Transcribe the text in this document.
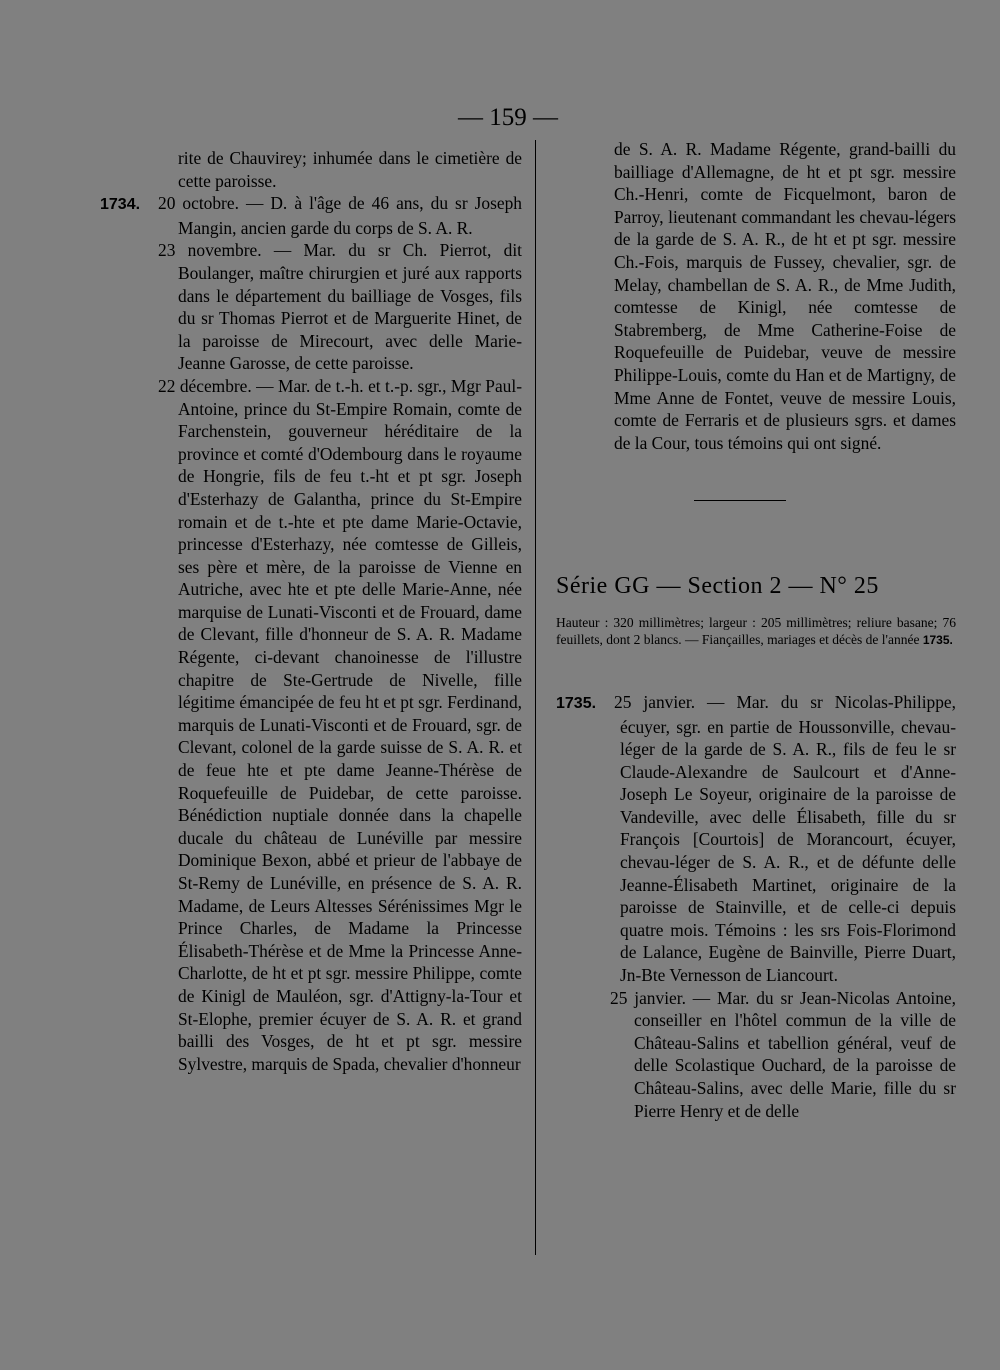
— 159 —

rite de Chauvirey; inhumée dans le cimetière de cette paroisse.

1734. 20 octobre. — D. à l'âge de 46 ans, du sr Joseph Mangin, ancien garde du corps de S. A. R.

23 novembre. — Mar. du sr Ch. Pierrot, dit Boulanger, maître chirurgien et juré aux rapports dans le département du bailliage de Vosges, fils du sr Thomas Pierrot et de Marguerite Hinet, de la paroisse de Mirecourt, avec delle Marie-Jeanne Garosse, de cette paroisse.

22 décembre. — Mar. de t.-h. et t.-p. sgr., Mgr Paul-Antoine, prince du St-Empire Romain, comte de Farchenstein, gouverneur héréditaire de la province et comté d'Odembourg dans le royaume de Hongrie, fils de feu t.-ht et pt sgr. Joseph d'Esterhazy de Galantha, prince du St-Empire romain et de t.-hte et pte dame Marie-Octavie, princesse d'Esterhazy, née comtesse de Gilleis, ses père et mère, de la paroisse de Vienne en Autriche, avec hte et pte delle Marie-Anne, née marquise de Lunati-Visconti et de Frouard, dame de Clevant, fille d'honneur de S. A. R. Madame Régente, ci-devant chanoinesse de l'illustre chapitre de Ste-Gertrude de Nivelle, fille légitime émancipée de feu ht et pt sgr. Ferdinand, marquis de Lunati-Visconti et de Frouard, sgr. de Clevant, colonel de la garde suisse de S. A. R. et de feue hte et pte dame Jeanne-Thérèse de Roquefeuille de Puidebar, de cette paroisse. Bénédiction nuptiale donnée dans la chapelle ducale du château de Lunéville par messire Dominique Bexon, abbé et prieur de l'abbaye de St-Remy de Lunéville, en présence de S. A. R. Madame, de Leurs Altesses Sérénissimes Mgr le Prince Charles, de Madame la Princesse Élisabeth-Thérèse et de Mme la Princesse Anne-Charlotte, de ht et pt sgr. messire Philippe, comte de Kinigl de Mauléon, sgr. d'Attigny-la-Tour et St-Elophe, premier écuyer de S. A. R. et grand bailli des Vosges, de ht et pt sgr. messire Sylvestre, marquis de Spada, chevalier d'honneur

de S. A. R. Madame Régente, grand-bailli du bailliage d'Allemagne, de ht et pt sgr. messire Ch.-Henri, comte de Ficquelmont, baron de Parroy, lieutenant commandant les chevau-légers de la garde de S. A. R., de ht et pt sgr. messire Ch.-Fois, marquis de Fussey, chevalier, sgr. de Melay, chambellan de S. A. R., de Mme Judith, comtesse de Kinigl, née comtesse de Stabremberg, de Mme Catherine-Foise de Roquefeuille de Puidebar, veuve de messire Philippe-Louis, comte du Han et de Martigny, de Mme Anne de Fontet, veuve de messire Louis, comte de Ferraris et de plusieurs sgrs. et dames de la Cour, tous témoins qui ont signé.

Série GG — Section 2 — N° 25

Hauteur : 320 millimètres; largeur : 205 millimètres; reliure basane; 76 feuillets, dont 2 blancs. — Fiançailles, mariages et décès de l'année 1735.

1735. 25 janvier. — Mar. du sr Nicolas-Philippe, écuyer, sgr. en partie de Houssonville, chevau-léger de la garde de S. A. R., fils de feu le sr Claude-Alexandre de Saulcourt et d'Anne-Joseph Le Soyeur, originaire de la paroisse de Vandeville, avec delle Élisabeth, fille du sr François [Courtois] de Morancourt, écuyer, chevau-léger de S. A. R., et de défunte delle Jeanne-Élisabeth Martinet, originaire de la paroisse de Stainville, et de celle-ci depuis quatre mois. Témoins : les srs Fois-Florimond de Lalance, Eugène de Bainville, Pierre Duart, Jn-Bte Vernesson de Liancourt.

25 janvier. — Mar. du sr Jean-Nicolas Antoine, conseiller en l'hôtel commun de la ville de Château-Salins et tabellion général, veuf de delle Scolastique Ouchard, de la paroisse de Château-Salins, avec delle Marie, fille du sr Pierre Henry et de delle
